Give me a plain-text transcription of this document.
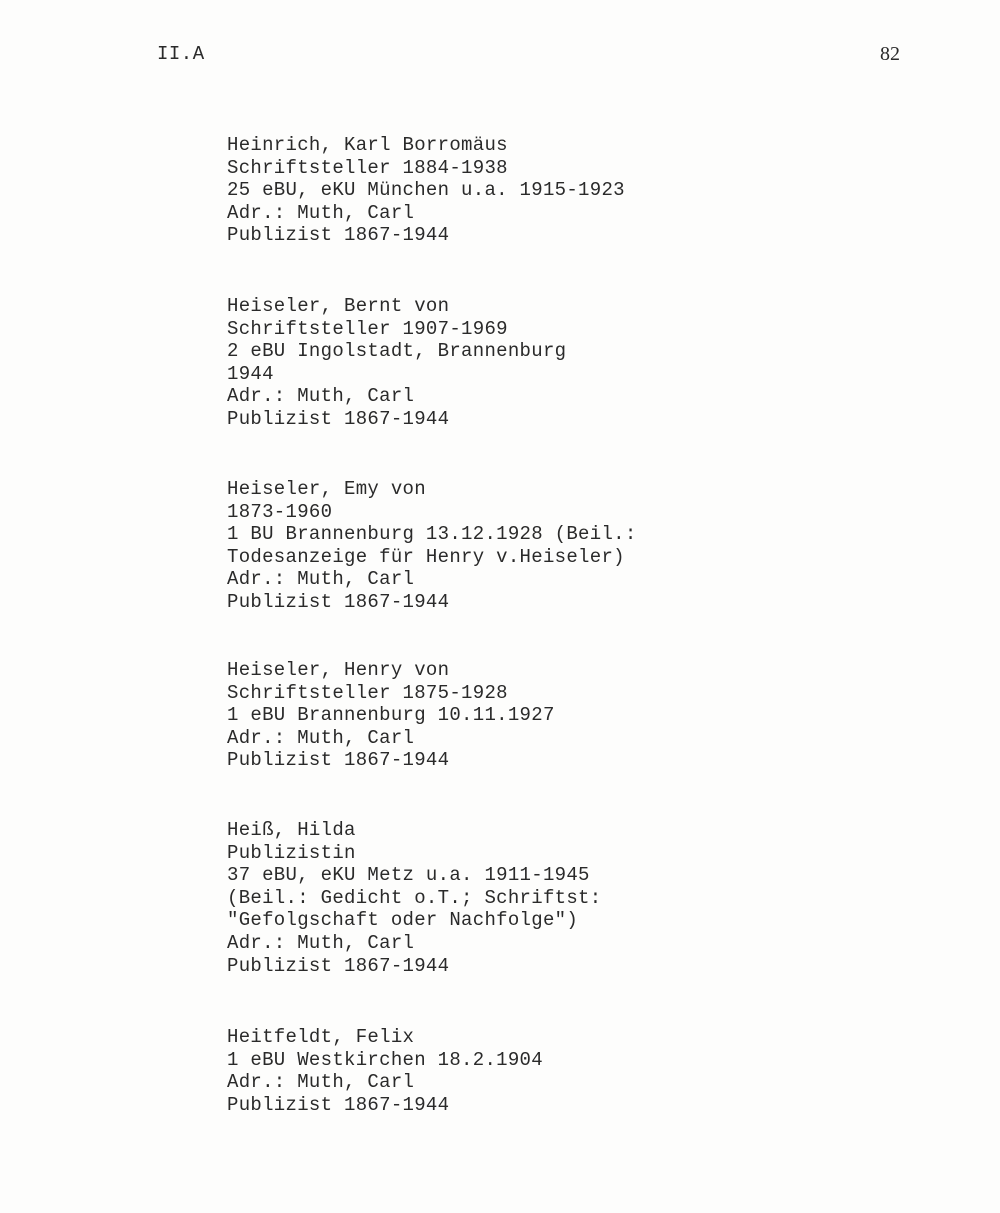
II.A	82
Heinrich, Karl Borromäus
Schriftsteller 1884-1938
25 eBU, eKU München u.a. 1915-1923
Adr.: Muth, Carl
Publizist 1867-1944
Heiseler, Bernt von
Schriftsteller 1907-1969
2 eBU Ingolstadt, Brannenburg
1944
Adr.: Muth, Carl
Publizist 1867-1944
Heiseler, Emy von
1873-1960
1 BU Brannenburg 13.12.1928 (Beil.:
Todesanzeige für Henry v.Heiseler)
Adr.: Muth, Carl
Publizist 1867-1944
Heiseler, Henry von
Schriftsteller 1875-1928
1 eBU Brannenburg 10.11.1927
Adr.: Muth, Carl
Publizist 1867-1944
Heiß, Hilda
Publizistin
37 eBU, eKU Metz u.a. 1911-1945
(Beil.: Gedicht o.T.; Schriftst:
"Gefolgschaft oder Nachfolge")
Adr.: Muth, Carl
Publizist 1867-1944
Heitfeldt, Felix
1 eBU Westkirchen 18.2.1904
Adr.: Muth, Carl
Publizist 1867-1944
